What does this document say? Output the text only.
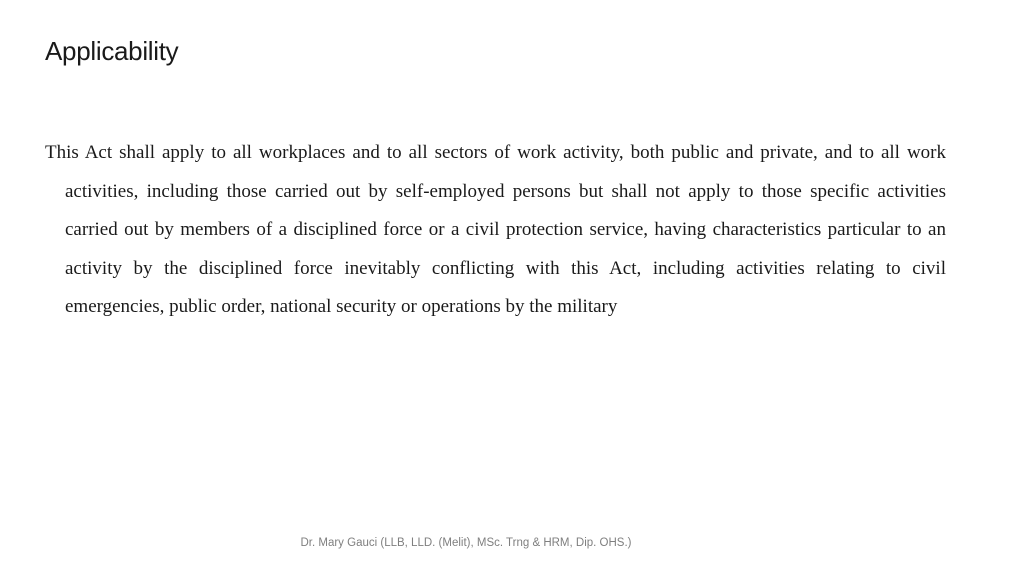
Applicability
This Act shall apply to all workplaces and to all sectors of work activity, both public and private, and to all work activities, including those carried out by self-employed persons but shall not apply to those specific activities carried out by members of a disciplined force or a civil protection service, having characteristics particular to an activity by the disciplined force inevitably conflicting with this Act, including activities relating to civil emergencies, public order, national security or operations by the military
Dr. Mary Gauci (LLB, LLD. (Melit), MSc. Trng & HRM, Dip. OHS.)
